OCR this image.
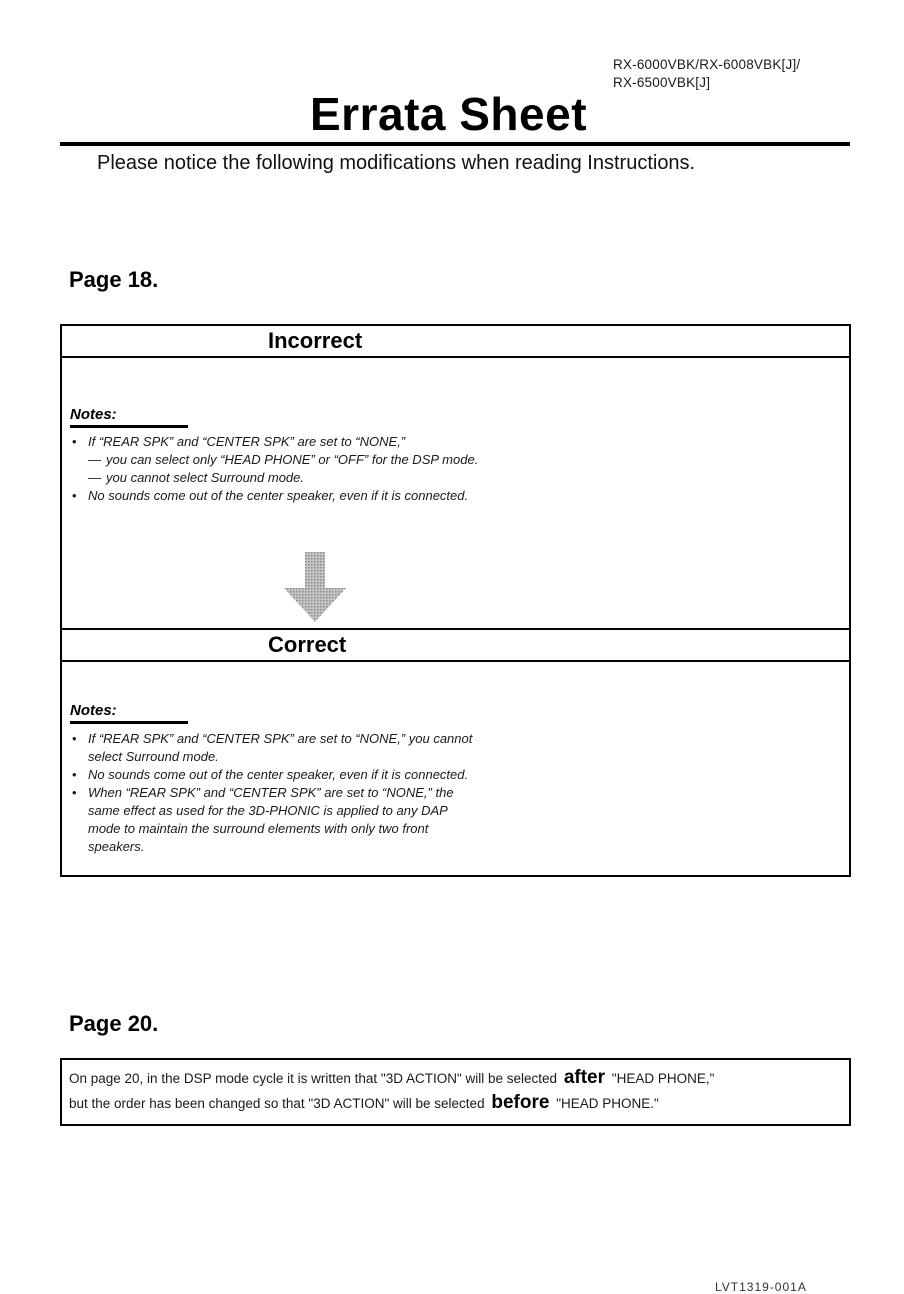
RX-6000VBK/RX-6008VBK[J]/
RX-6500VBK[J]
Errata Sheet
Please notice the following modifications when reading Instructions.
Page 18.
Incorrect
Notes:
• If “REAR SPK” and “CENTER SPK” are set to “NONE,”
— you can select only “HEAD PHONE” or “OFF” for the DSP mode.
— you cannot select Surround mode.
• No sounds come out of the center speaker, even if it is connected.
Correct
Notes:
• If “REAR SPK” and “CENTER SPK” are set to “NONE,” you cannot
select Surround mode.
• No sounds come out of the center speaker, even if it is connected.
• When “REAR SPK” and “CENTER SPK” are set to “NONE,” the
same effect as used for the 3D-PHONIC is applied to any DAP
mode to maintain the surround elements with only two front
speakers.
Page 20.
On page 20, in the DSP mode cycle it is written that "3D ACTION" will be selected after "HEAD PHONE,"
but the order has been changed so that "3D ACTION" will be selected before "HEAD PHONE."
LVT1319-001A
